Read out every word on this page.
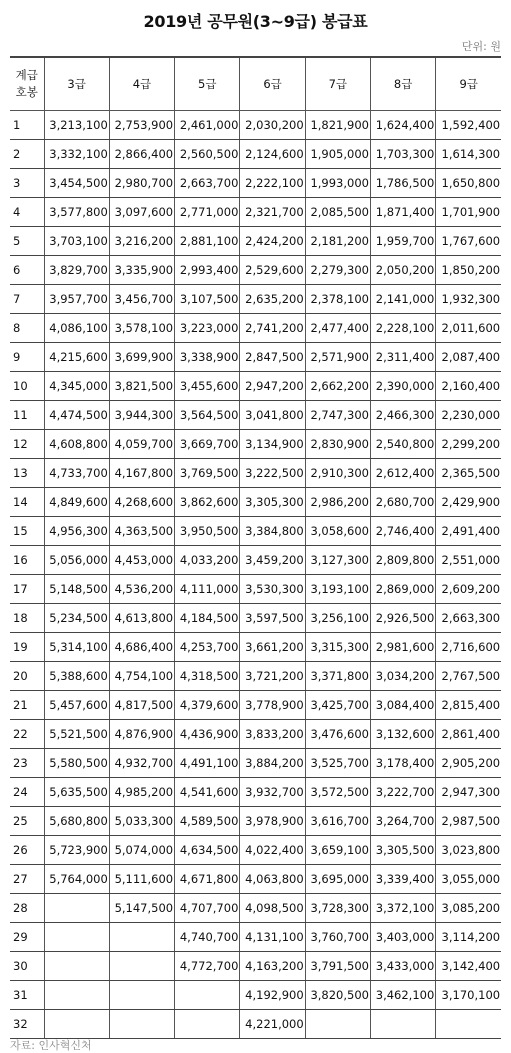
2019년 공무원(3~9급) 봉급표
단위: 원
계급
호봉	3급	4급	5급	6급	7급	8급	9급
1	3,213,100	2,753,900	2,461,000	2,030,200	1,821,900	1,624,400	1,592,400
2	3,332,100	2,866,400	2,560,500	2,124,600	1,905,000	1,703,300	1,614,300
3	3,454,500	2,980,700	2,663,700	2,222,100	1,993,000	1,786,500	1,650,800
4	3,577,800	3,097,600	2,771,000	2,321,700	2,085,500	1,871,400	1,701,900
5	3,703,100	3,216,200	2,881,100	2,424,200	2,181,200	1,959,700	1,767,600
6	3,829,700	3,335,900	2,993,400	2,529,600	2,279,300	2,050,200	1,850,200
7	3,957,700	3,456,700	3,107,500	2,635,200	2,378,100	2,141,000	1,932,300
8	4,086,100	3,578,100	3,223,000	2,741,200	2,477,400	2,228,100	2,011,600
9	4,215,600	3,699,900	3,338,900	2,847,500	2,571,900	2,311,400	2,087,400
10	4,345,000	3,821,500	3,455,600	2,947,200	2,662,200	2,390,000	2,160,400
11	4,474,500	3,944,300	3,564,500	3,041,800	2,747,300	2,466,300	2,230,000
12	4,608,800	4,059,700	3,669,700	3,134,900	2,830,900	2,540,800	2,299,200
13	4,733,700	4,167,800	3,769,500	3,222,500	2,910,300	2,612,400	2,365,500
14	4,849,600	4,268,600	3,862,600	3,305,300	2,986,200	2,680,700	2,429,900
15	4,956,300	4,363,500	3,950,500	3,384,800	3,058,600	2,746,400	2,491,400
16	5,056,000	4,453,000	4,033,200	3,459,200	3,127,300	2,809,800	2,551,000
17	5,148,500	4,536,200	4,111,000	3,530,300	3,193,100	2,869,000	2,609,200
18	5,234,500	4,613,800	4,184,500	3,597,500	3,256,100	2,926,500	2,663,300
19	5,314,100	4,686,400	4,253,700	3,661,200	3,315,300	2,981,600	2,716,600
20	5,388,600	4,754,100	4,318,500	3,721,200	3,371,800	3,034,200	2,767,500
21	5,457,600	4,817,500	4,379,600	3,778,900	3,425,700	3,084,400	2,815,400
22	5,521,500	4,876,900	4,436,900	3,833,200	3,476,600	3,132,600	2,861,400
23	5,580,500	4,932,700	4,491,100	3,884,200	3,525,700	3,178,400	2,905,200
24	5,635,500	4,985,200	4,541,600	3,932,700	3,572,500	3,222,700	2,947,300
25	5,680,800	5,033,300	4,589,500	3,978,900	3,616,700	3,264,700	2,987,500
26	5,723,900	5,074,000	4,634,500	4,022,400	3,659,100	3,305,500	3,023,800
27	5,764,000	5,111,600	4,671,800	4,063,800	3,695,000	3,339,400	3,055,000
28		5,147,500	4,707,700	4,098,500	3,728,300	3,372,100	3,085,200
29			4,740,700	4,131,100	3,760,700	3,403,000	3,114,200
30			4,772,700	4,163,200	3,791,500	3,433,000	3,142,400
31				4,192,900	3,820,500	3,462,100	3,170,100
32				4,221,000			
자료: 인사혁신처
